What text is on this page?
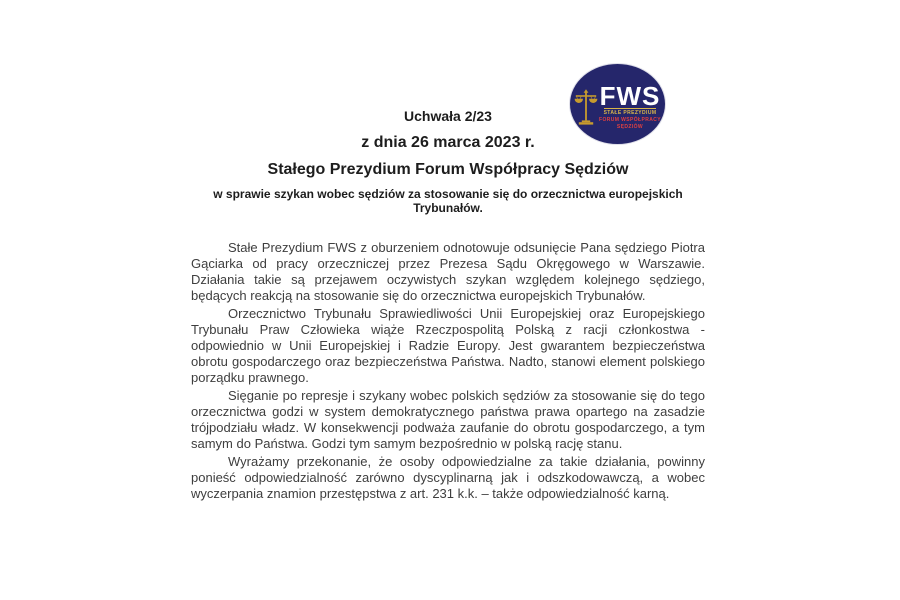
FWS
STAŁE PREZYDIUM
FORUM WSPÓŁPRACY
SĘDZIÓW
Uchwała 2/23
z dnia 26 marca 2023 r.
Stałego Prezydium Forum Współpracy Sędziów
w sprawie szykan wobec sędziów za stosowanie się do orzecznictwa europejskich Trybunałów.

Stałe Prezydium FWS z oburzeniem odnotowuje odsunięcie Pana sędziego Piotra Gąciarka od pracy orzeczniczej przez Prezesa Sądu Okręgowego w Warszawie. Działania takie są przejawem oczywistych szykan względem kolejnego sędziego, będących reakcją na stosowanie się do orzecznictwa europejskich Trybunałów.

Orzecznictwo Trybunału Sprawiedliwości Unii Europejskiej oraz Europejskiego Trybunału Praw Człowieka wiąże Rzeczpospolitą Polską z racji członkostwa - odpowiednio w Unii Europejskiej i Radzie Europy. Jest gwarantem bezpieczeństwa obrotu gospodarczego oraz bezpieczeństwa Państwa. Nadto, stanowi element polskiego porządku prawnego.

Sięganie po represje i szykany wobec polskich sędziów za stosowanie się do tego orzecznictwa godzi w system demokratycznego państwa prawa opartego na zasadzie trójpodziału władz. W konsekwencji podważa zaufanie do obrotu gospodarczego, a tym samym do Państwa. Godzi tym samym bezpośrednio w polską rację stanu.

Wyrażamy przekonanie, że osoby odpowiedzialne za takie działania, powinny ponieść odpowiedzialność zarówno dyscyplinarną jak i odszkodowawczą, a wobec wyczerpania znamion przestępstwa z art. 231 k.k. – także odpowiedzialność karną.
